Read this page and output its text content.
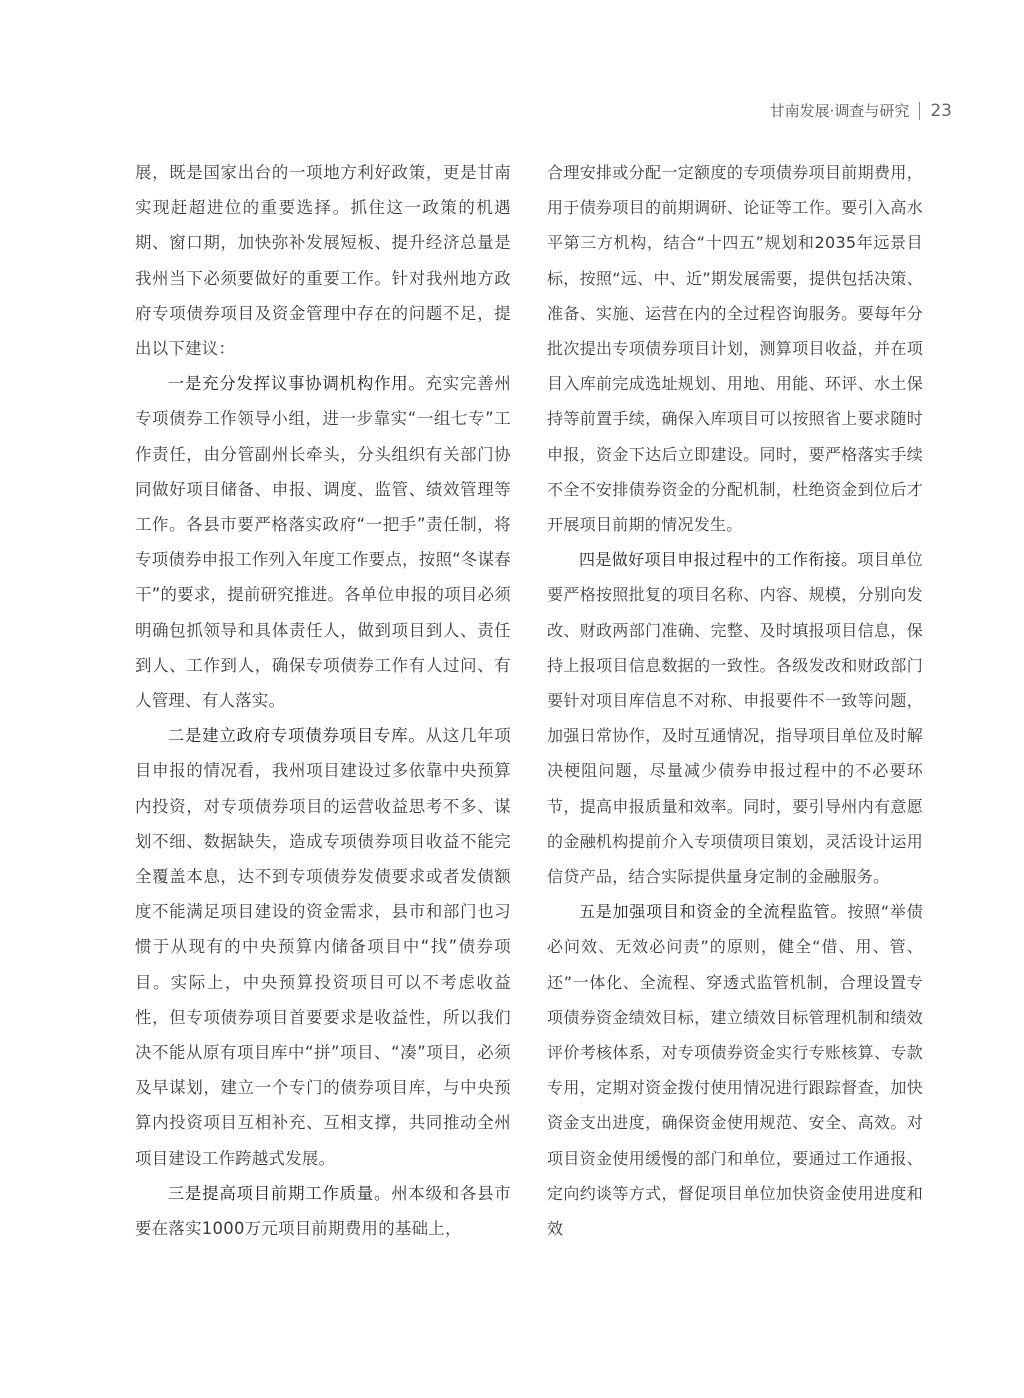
甘南发展·调查与研究 23

展，既是国家出台的一项地方利好政策，更是甘南实现赶超进位的重要选择。抓住这一政策的机遇期、窗口期，加快弥补发展短板、提升经济总量是我州当下必须要做好的重要工作。针对我州地方政府专项债券项目及资金管理中存在的问题不足，提出以下建议：

一是充分发挥议事协调机构作用。充实完善州专项债券工作领导小组，进一步靠实“一组七专”工作责任，由分管副州长牵头，分头组织有关部门协同做好项目储备、申报、调度、监管、绩效管理等工作。各县市要严格落实政府“一把手”责任制，将专项债券申报工作列入年度工作要点，按照“冬谋春干”的要求，提前研究推进。各单位申报的项目必须明确包抓领导和具体责任人，做到项目到人、责任到人、工作到人，确保专项债券工作有人过问、有人管理、有人落实。

二是建立政府专项债券项目专库。从这几年项目申报的情况看，我州项目建设过多依靠中央预算内投资，对专项债券项目的运营收益思考不多、谋划不细、数据缺失，造成专项债券项目收益不能完全覆盖本息，达不到专项债券发债要求或者发债额度不能满足项目建设的资金需求，县市和部门也习惯于从现有的中央预算内储备项目中“找”债券项目。实际上，中央预算投资项目可以不考虑收益性，但专项债券项目首要要求是收益性，所以我们决不能从原有项目库中“拼”项目、“凑”项目，必须及早谋划，建立一个专门的债券项目库，与中央预算内投资项目互相补充、互相支撑，共同推动全州项目建设工作跨越式发展。

三是提高项目前期工作质量。州本级和各县市要在落实1000万元项目前期费用的基础上，

合理安排或分配一定额度的专项债券项目前期费用，用于债券项目的前期调研、论证等工作。要引入高水平第三方机构，结合“十四五”规划和2035年远景目标，按照“远、中、近”期发展需要，提供包括决策、准备、实施、运营在内的全过程咨询服务。要每年分批次提出专项债券项目计划，测算项目收益，并在项目入库前完成选址规划、用地、用能、环评、水土保持等前置手续，确保入库项目可以按照省上要求随时申报，资金下达后立即建设。同时，要严格落实手续不全不安排债券资金的分配机制，杜绝资金到位后才开展项目前期的情况发生。

四是做好项目申报过程中的工作衔接。项目单位要严格按照批复的项目名称、内容、规模，分别向发改、财政两部门准确、完整、及时填报项目信息，保持上报项目信息数据的一致性。各级发改和财政部门要针对项目库信息不对称、申报要件不一致等问题，加强日常协作，及时互通情况，指导项目单位及时解决梗阻问题，尽量减少债券申报过程中的不必要环节，提高申报质量和效率。同时，要引导州内有意愿的金融机构提前介入专项债项目策划，灵活设计运用信贷产品，结合实际提供量身定制的金融服务。

五是加强项目和资金的全流程监管。按照“举债必问效、无效必问责”的原则，健全“借、用、管、还”一体化、全流程、穿透式监管机制，合理设置专项债券资金绩效目标，建立绩效目标管理机制和绩效评价考核体系，对专项债券资金实行专账核算、专款专用，定期对资金拨付使用情况进行跟踪督查，加快资金支出进度，确保资金使用规范、安全、高效。对项目资金使用缓慢的部门和单位，要通过工作通报、定向约谈等方式，督促项目单位加快资金使用进度和效
